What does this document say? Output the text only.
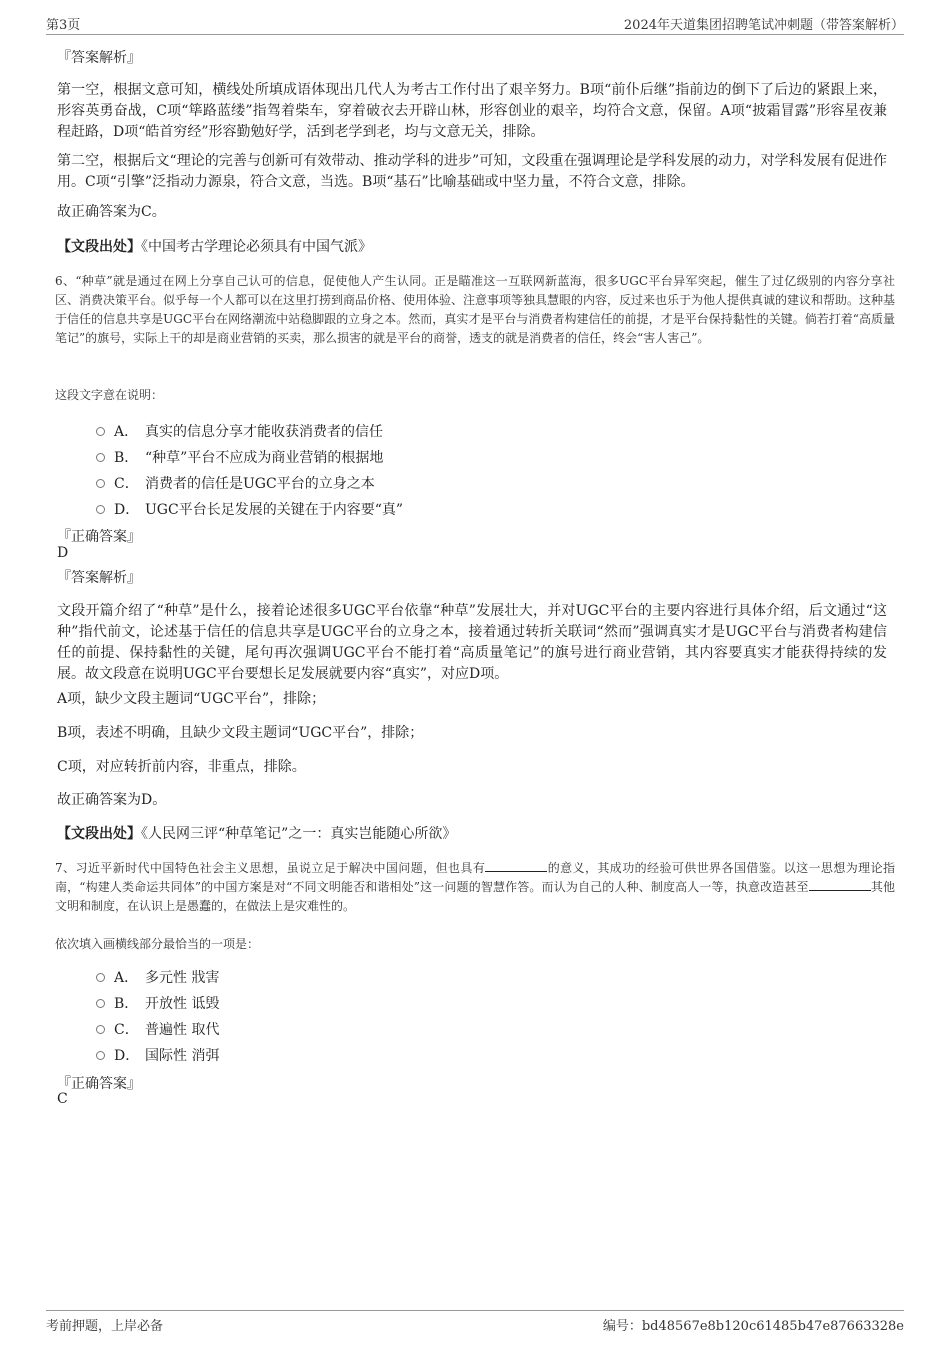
第3页	2024年天道集团招聘笔试冲刺题（带答案解析）
『答案解析』
第一空，根据文意可知，横线处所填成语体现出几代人为考古工作付出了艰辛努力。B项“前仆后继”指前边的倒下了后边的紧跟上来，形容英勇奋战，C项“筚路蓝缕”指驾着柴车，穿着破衣去开辟山林，形容创业的艰辛，均符合文意，保留。A项“披霜冒露”形容星夜兼程赶路，D项“皓首穷经”形容勤勉好学，活到老学到老，均与文意无关，排除。
第二空，根据后文“理论的完善与创新可有效带动、推动学科的进步”可知，文段重在强调理论是学科发展的动力，对学科发展有促进作用。C项“引擎”泛指动力源泉，符合文意，当选。B项“基石”比喻基础或中坚力量，不符合文意，排除。
故正确答案为C。
【文段出处】《中国考古学理论必须具有中国气派》
6、“种草”就是通过在网上分享自己认可的信息，促使他人产生认同。正是瞄准这一互联网新蓝海，很多UGC平台异军突起，催生了过亿级别的内容分享社区、消费决策平台。似乎每一个人都可以在这里打捞到商品价格、使用体验、注意事项等独具慧眼的内容，反过来也乐于为他人提供真诚的建议和帮助。这种基于信任的信息共享是UGC平台在网络潮流中站稳脚跟的立身之本。然而，真实才是平台与消费者构建信任的前提，才是平台保持黏性的关键。倘若打着“高质量笔记”的旗号，实际上干的却是商业营销的买卖，那么损害的就是平台的商誉，透支的就是消费者的信任，终会“害人害己”。
这段文字意在说明：
A． 真实的信息分享才能收获消费者的信任
B． “种草”平台不应成为商业营销的根据地
C． 消费者的信任是UGC平台的立身之本
D． UGC平台长足发展的关键在于内容要“真”
『正确答案』
D
『答案解析』
文段开篇介绍了“种草”是什么，接着论述很多UGC平台依靠“种草”发展壮大，并对UGC平台的主要内容进行具体介绍，后文通过“这种”指代前文，论述基于信任的信息共享是UGC平台的立身之本，接着通过转折关联词“然而”强调真实才是UGC平台与消费者构建信任的前提、保持黏性的关键，尾句再次强调UGC平台不能打着“高质量笔记”的旗号进行商业营销，其内容要真实才能获得持续的发展。故文段意在说明UGC平台要想长足发展就要内容“真实”，对应D项。
A项，缺少文段主题词“UGC平台”，排除；
B项，表述不明确，且缺少文段主题词“UGC平台”，排除；
C项，对应转折前内容，非重点，排除。
故正确答案为D。
【文段出处】《人民网三评“种草笔记”之一：真实岂能随心所欲》
7、习近平新时代中国特色社会主义思想，虽说立足于解决中国问题，但也具有	的意义，其成功的经验可供世界各国借鉴。以这一思想为理论指南，“构建人类命运共同体”的中国方案是对“不同文明能否和谐相处”这一问题的智慧作答。而认为自己的人种、制度高人一等，执意改造甚至	其他文明和制度，在认识上是愚蠢的，在做法上是灾难性的。
依次填入画横线部分最恰当的一项是：
A． 多元性 戕害
B． 开放性 诋毁
C． 普遍性 取代
D． 国际性 消弭
『正确答案』
C
考前押题，上岸必备	编号：bd48567e8b120c61485b47e87663328e
